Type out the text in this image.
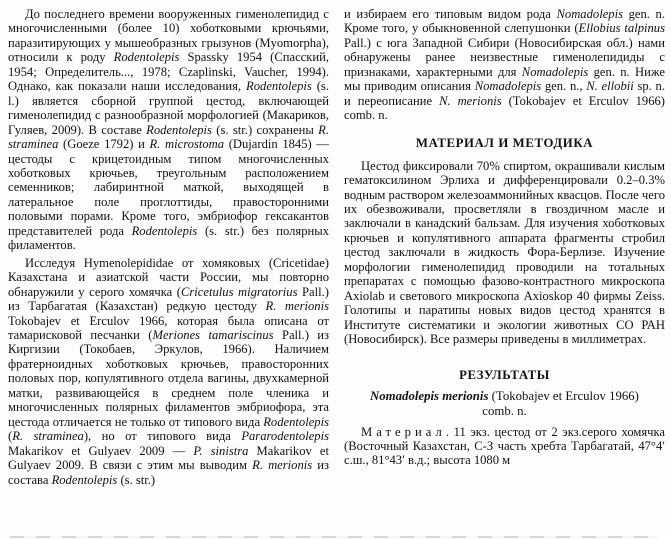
До последнего времени вооруженных гименолепидид с многочисленными (более 10) хоботковыми крючьями, паразитирующих у мышеобразных грызунов (Myomorpha), относили к роду Rodentolepis Spassky 1954 (Спасский, 1954; Определитель..., 1978; Czaplinski, Vaucher, 1994). Однако, как показали наши исследования, Rodentolepis (s. l.) является сборной группой цестод, включающей гименолепидид с разнообразной морфологией (Макариков, Гуляев, 2009). В составе Rodentolepis (s. str.) сохранены R. straminea (Goeze 1792) и R. microstoma (Dujardin 1845) — цестоды с крицетоидным типом многочисленных хоботковых крючьев, треугольным расположением семенников; лабиринтной маткой, выходящей в латеральное поле проглоттиды, правосторонними половыми порами. Кроме того, эмбриофор гексакантов представителей рода Rodentolepis (s. str.) без полярных филаментов.

Исследуя Hymenolepididae от хомяковых (Cricetidae) Казахстана и азиатской части России, мы повторно обнаружили у серого хомячка (Cricetulus migratorius Pall.) из Тарбагатая (Казахстан) редкую цестоду R. merionis Tokobajev et Erculov 1966, которая была описана от тамарисковой песчанки (Meriones tamariscinus Pall.) из Киргизии (Токобаев, Эркулов, 1966). Наличием фратерноидных хоботковых крючьев, правосторонних половых пор, копулятивного отдела вагины, двухкамерной матки, развивающейся в среднем поле членика и многочисленных полярных филаментов эмбриофора, эта цестода отличается не только от типового вида Rodentolepis (R. straminea), но от типового вида Pararodentolepis Makarikov et Gulyaev 2009 — P. sinistra Makarikov et Gulyaev 2009. В связи с этим мы выводим R. merionis из состава Rodentolepis (s. str.)

и избираем его типовым видом рода Nomadolepis gen. n. Кроме того, у обыкновенной слепушонки (Ellobius talpinus Pall.) с юга Западной Сибири (Новосибирская обл.) нами обнаружены ранее неизвестные гименолепидиды с признаками, характерными для Nomadolepis gen. n. Ниже мы приводим описания Nomadolepis gen. n., N. ellobii sp. n. и переописание N. merionis (Tokobajev et Erculov 1966) comb. n.

МАТЕРИАЛ И МЕТОДИКА

Цестод фиксировали 70% спиртом, окрашивали кислым гематоксилином Эрлиха и дифференцировали 0.2–0.3% водным раствором железоаммонийных квасцов. После чего их обезвоживали, просветляли в гвоздичном масле и заключали в канадский бальзам. Для изучения хоботковых крючьев и копулятивного аппарата фрагменты стробил цестод заключали в жидкость Фора-Берлизе. Изучение морфологии гименолепидид проводили на тотальных препаратах с помощью фазово-контрастного микроскопа Axiolab и светового микроскопа Axioskop 40 фирмы Zeiss. Голотипы и паратипы новых видов цестод хранятся в Институте систематики и экологии животных СО РАН (Новосибирск). Все размеры приведены в миллиметрах.

РЕЗУЛЬТАТЫ
Nomadolepis merionis (Tokobajev et Erculov 1966)
comb. n.

Материал. 11 экз. цестод от 2 экз.серого хомячка (Восточный Казахстан, С-З часть хребта Тарбагатай, 47°4′ с.ш., 81°43′ в.д.; высота 1080 м
